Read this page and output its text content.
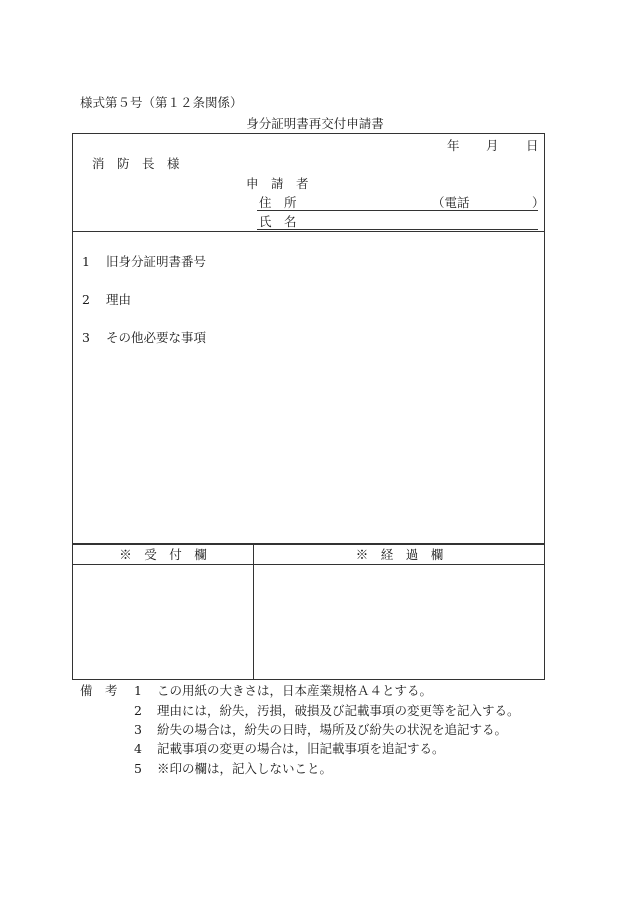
様式第５号（第１２条関係）
身分証明書再交付申請書
年 月 日
消　防　長　様
申　請　者
住　所	（電話　　　　　）
氏　名
1 旧身分証明書番号
2 理由
3 その他必要な事項
※　受　付　欄	※　経　過　欄
備　考 1 この用紙の大きさは，日本産業規格Ａ４とする。
2 理由には，紛失，汚損，破損及び記載事項の変更等を記入する。
3 紛失の場合は，紛失の日時，場所及び紛失の状況を追記する。
4 記載事項の変更の場合は，旧記載事項を追記する。
5 ※印の欄は，記入しないこと。
